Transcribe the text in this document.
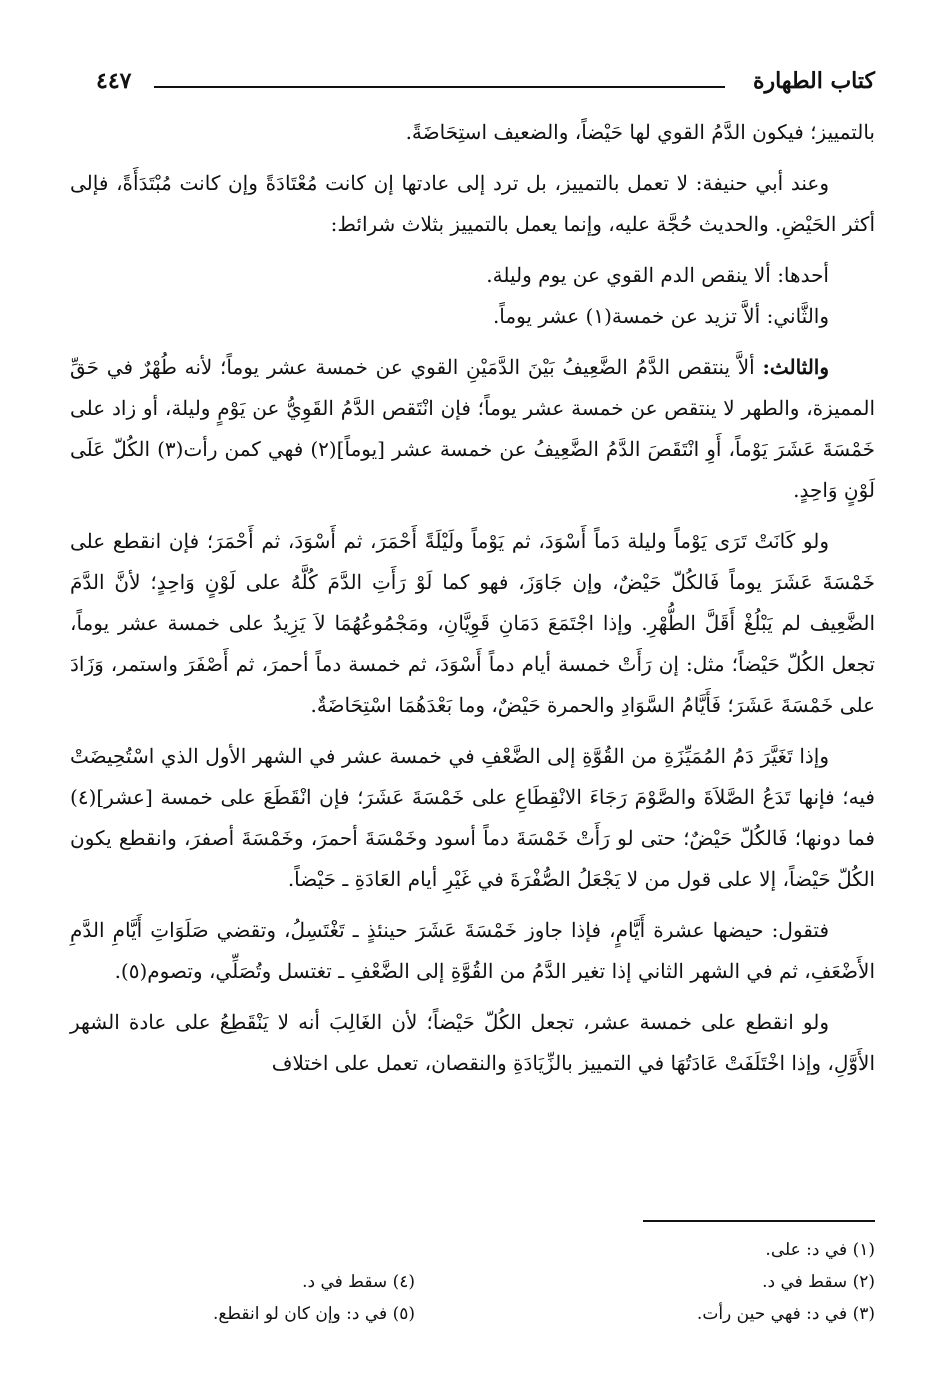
كتاب الطهارة
٤٤٧

بالتمييز؛ فيكون الدَّمُ القوي لها حَيْضاً، والضعيف استِحَاضَةً.

وعند أبي حنيفة: لا تعمل بالتمييز، بل ترد إلى عادتها إن كانت مُعْتَادَةً وإن كانت مُبْتَدَأَةً، فإلى أكثر الحَيْضِ. والحديث حُجَّة عليه، وإنما يعمل بالتمييز بثلاث شرائط:

أحدها: ألا ينقص الدم القوي عن يوم وليلة.

والثَّاني: ألاَّ تزيد عن خمسة(١) عشر يوماً.

والثالث: ألاَّ ينتقص الدَّمُ الضَّعِيفُ بَيْنَ الدَّمَيْنِ القوي عن خمسة عشر يوماً؛ لأنه طُهْرٌ في حَقِّ المميزة، والطهر لا ينتقص عن خمسة عشر يوماً؛ فإن انْتَقص الدَّمُ القَوِيُّ عن يَوْمٍ وليلة، أو زاد على خَمْسَةَ عَشَرَ يَوْماً، أَوِ انْتَقَصَ الدَّمُ الضَّعِيفُ عن خمسة عشر [يوماً](٢) فهي كمن رأت(٣) الكُلّ عَلَى لَوْنٍ وَاحِدٍ.

ولو كَانَتْ تَرَى يَوْماً وليلة دَماً أَسْوَدَ، ثم يَوْماً ولَيْلَةً أَحْمَرَ، ثم أَسْوَدَ، ثم أَحْمَرَ؛ فإن انقطع على خَمْسَةَ عَشَرَ يوماً فَالكُلّ حَيْضٌ، وإن جَاوَزَ، فهو كما لَوْ رَأَتِ الدَّمَ كُلَّهُ على لَوْنٍ وَاحِدٍ؛ لأنَّ الدَّمَ الضَّعِيف لم يَبْلُغْ أَقَلَّ الطُّهْرِ. وإذا اجْتَمَعَ دَمَانِ قَوِيَّانِ، ومَجْمُوعُهُمَا لاَ يَزِيدُ على خمسة عشر يوماً، تجعل الكُلّ حَيْضاً؛ مثل: إن رَأَتْ خمسة أيام دماً أَسْوَدَ، ثم خمسة دماً أحمرَ، ثم أَصْفَرَ واستمر، وَزَادَ على خَمْسَةَ عَشَرَ؛ فَأَيَّامُ السَّوَادِ والحمرة حَيْضٌ، وما بَعْدَهُمَا اسْتِحَاضَةٌ.

وإذا تَغَيَّرَ دَمُ المُمَيِّزَةِ من القُوَّةِ إلى الضَّعْفِ في خمسة عشر في الشهر الأول الذي اسْتُحِيضَتْ فيه؛ فإنها تَدَعُ الصَّلاَةَ والصَّوْمَ رَجَاءَ الانْقِطَاعِ على خَمْسَةَ عَشَرَ؛ فإن انْقَطَعَ على خمسة [عشر](٤) فما دونها؛ فَالكُلّ حَيْضٌ؛ حتى لو رَأَتْ خَمْسَةَ دماً أسود وخَمْسَةَ أحمرَ، وخَمْسَةَ أصفرَ، وانقطع يكون الكُلّ حَيْضاً، إلا على قول من لا يَجْعَلُ الصُّفْرَةَ في غَيْرِ أيام العَادَةِ ـ حَيْضاً.

فتقول: حيضها عشرة أَيَّامٍ، فإذا جاوز خَمْسَةَ عَشَرَ حينئذٍ ـ تَغْتَسِلُ، وتقضي صَلَوَاتِ أَيَّامِ الدَّمِ الأَضْعَفِ، ثم في الشهر الثاني إذا تغير الدَّمُ من القُوَّةِ إلى الضَّعْفِ ـ تغتسل وتُصَلِّي، وتصوم(٥).

ولو انقطع على خمسة عشر، تجعل الكُلّ حَيْضاً؛ لأن الغَالِبَ أنه لا يَنْقَطِعُ على عادة الشهر الأَوَّلِ، وإذا اخْتَلَفَتْ عَادَتُهَا في التمييز بالزِّيَادَةِ والنقصان، تعمل على اختلاف

(١) في د: على.
(٢) سقط في د.
(٣) في د: فهي حين رأت.
(٤) سقط في د.
(٥) في د: وإن كان لو انقطع.
